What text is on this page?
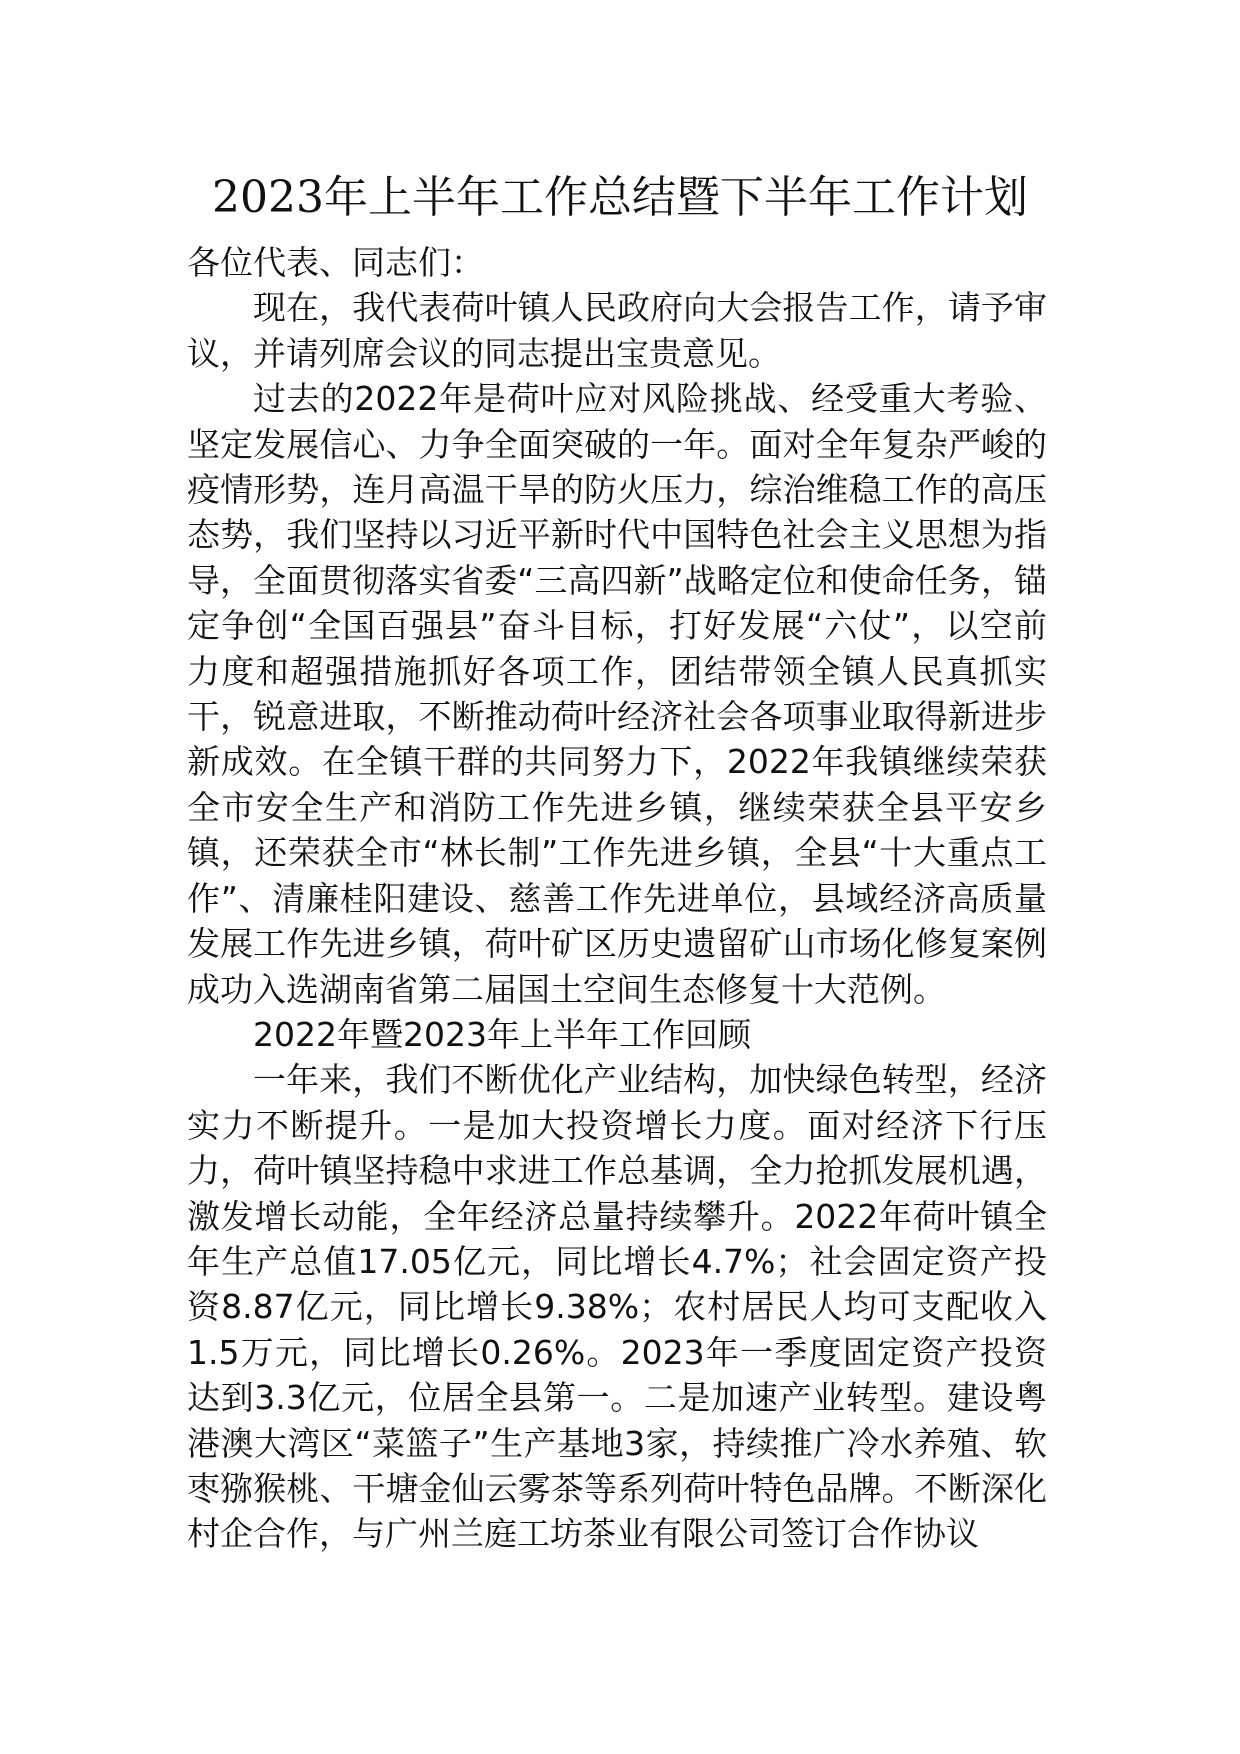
2023年上半年工作总结暨下半年工作计划

各位代表、同志们：

现在，我代表荷叶镇人民政府向大会报告工作，请予审议，并请列席会议的同志提出宝贵意见。

过去的2022年是荷叶应对风险挑战、经受重大考验、坚定发展信心、力争全面突破的一年。面对全年复杂严峻的疫情形势，连月高温干旱的防火压力，综治维稳工作的高压态势，我们坚持以习近平新时代中国特色社会主义思想为指导，全面贯彻落实省委“三高四新”战略定位和使命任务，锚定争创“全国百强县”奋斗目标，打好发展“六仗”，以空前力度和超强措施抓好各项工作，团结带领全镇人民真抓实干，锐意进取，不断推动荷叶经济社会各项事业取得新进步新成效。在全镇干群的共同努力下，2022年我镇继续荣获全市安全生产和消防工作先进乡镇，继续荣获全县平安乡镇，还荣获全市“林长制”工作先进乡镇，全县“十大重点工作”、清廉桂阳建设、慈善工作先进单位，县域经济高质量发展工作先进乡镇，荷叶矿区历史遗留矿山市场化修复案例成功入选湖南省第二届国土空间生态修复十大范例。

2022年暨2023年上半年工作回顾

一年来，我们不断优化产业结构，加快绿色转型，经济实力不断提升。一是加大投资增长力度。面对经济下行压力，荷叶镇坚持稳中求进工作总基调，全力抢抓发展机遇，激发增长动能，全年经济总量持续攀升。2022年荷叶镇全年生产总值17.05亿元，同比增长4.7%；社会固定资产投资8.87亿元，同比增长9.38%；农村居民人均可支配收入1.5万元，同比增长0.26%。2023年一季度固定资产投资达到3.3亿元，位居全县第一。二是加速产业转型。建设粤港澳大湾区“菜篮子”生产基地3家，持续推广冷水养殖、软枣猕猴桃、干塘金仙云雾茶等系列荷叶特色品牌。不断深化村企合作，与广州兰庭工坊茶业有限公司签订合作协议
